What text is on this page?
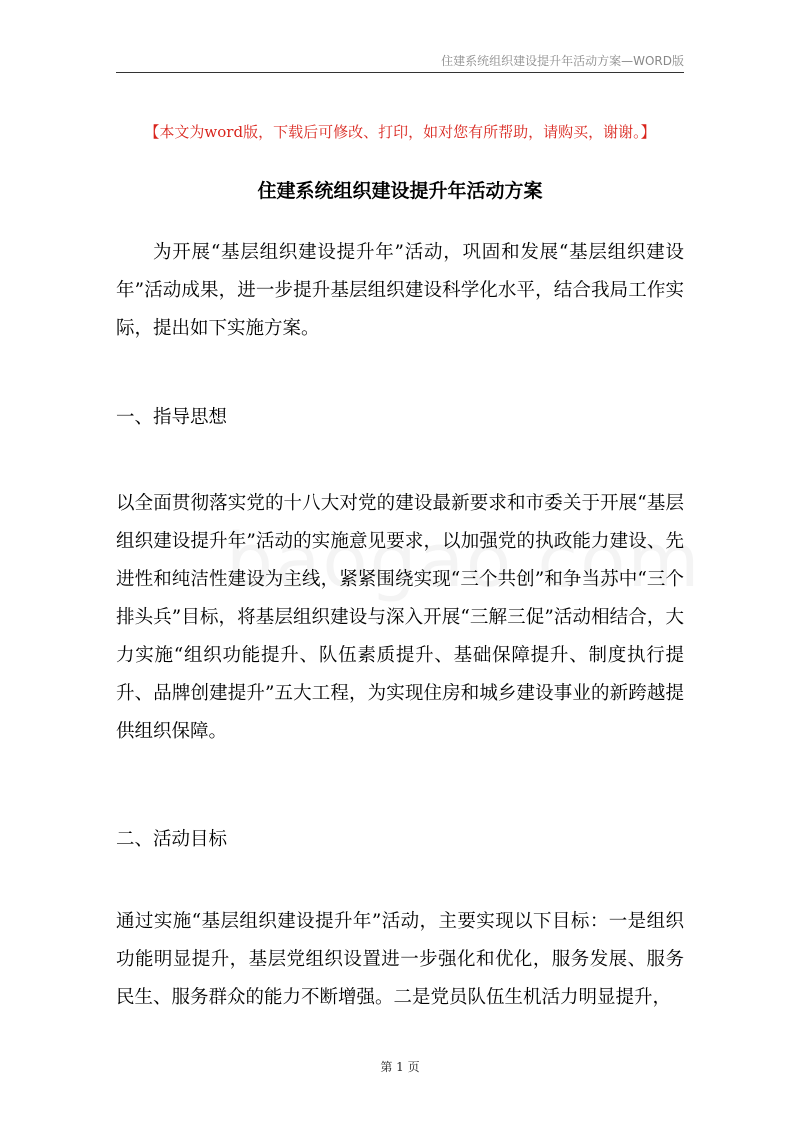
住建系统组织建设提升年活动方案—WORD版
【本文为word版，下载后可修改、打印，如对您有所帮助，请购买，谢谢。】
住建系统组织建设提升年活动方案

为开展“基层组织建设提升年”活动，巩固和发展“基层组织建设年”活动成果，进一步提升基层组织建设科学化水平，结合我局工作实际，提出如下实施方案。

一、指导思想

以全面贯彻落实党的十八大对党的建设最新要求和市委关于开展“基层组织建设提升年”活动的实施意见要求，以加强党的执政能力建设、先进性和纯洁性建设为主线，紧紧围绕实现“三个共创”和争当苏中“三个排头兵”目标，将基层组织建设与深入开展“三解三促”活动相结合，大力实施“组织功能提升、队伍素质提升、基础保障提升、制度执行提升、品牌创建提升”五大工程，为实现住房和城乡建设事业的新跨越提供组织保障。

二、活动目标

通过实施“基层组织建设提升年”活动，主要实现以下目标：一是组织功能明显提升，基层党组织设置进一步强化和优化，服务发展、服务民生、服务群众的能力不断增强。二是党员队伍生机活力明显提升，

第 1 页
